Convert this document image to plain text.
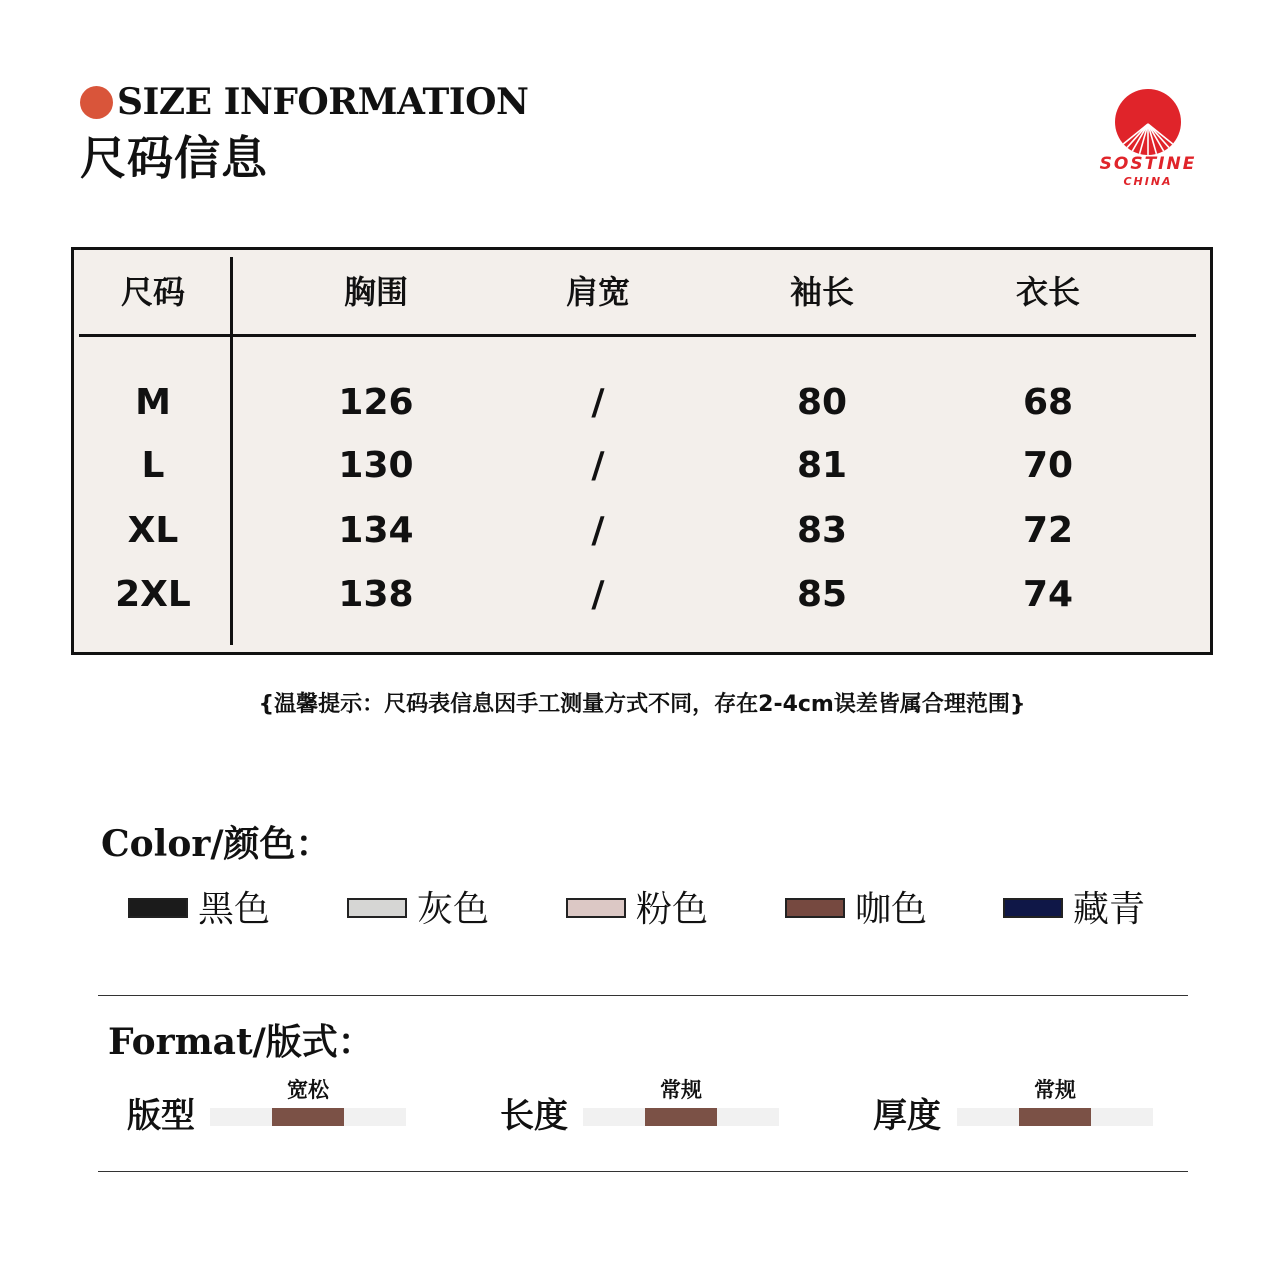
SIZE INFORMATION
尺码信息	SOSTINE
CHINA
尺码	胸围	肩宽	袖长	衣长
M	126	/	80	68
L	130	/	81	70
XL	134	/	83	72
2XL	138	/	85	74
{温馨提示：尺码表信息因手工测量方式不同，存在2-4cm误差皆属合理范围}
Color/颜色：
黑色	灰色	粉色	咖色	藏青
Format/版式：
版型
宽松
长度
常规
厚度
常规
